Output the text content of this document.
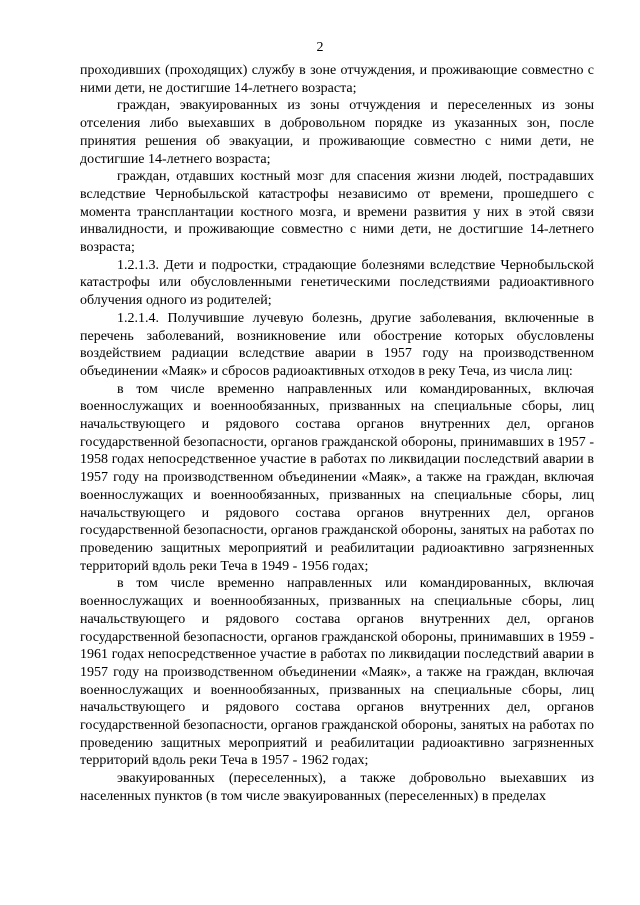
2

проходивших (проходящих) службу в зоне отчуждения, и проживающие совместно с ними дети, не достигшие 14-летнего возраста;

граждан, эвакуированных из зоны отчуждения и переселенных из зоны отселения либо выехавших в добровольном порядке из указанных зон, после принятия решения об эвакуации, и проживающие совместно с ними дети, не достигшие 14-летнего возраста;

граждан, отдавших костный мозг для спасения жизни людей, пострадавших вследствие Чернобыльской катастрофы независимо от времени, прошедшего с момента трансплантации костного мозга, и времени развития у них в этой связи инвалидности, и проживающие совместно с ними дети, не достигшие 14-летнего возраста;

1.2.1.3. Дети и подростки, страдающие болезнями вследствие Чернобыльской катастрофы или обусловленными генетическими последствиями радиоактивного облучения одного из родителей;

1.2.1.4. Получившие лучевую болезнь, другие заболевания, включенные в перечень заболеваний, возникновение или обострение которых обусловлены воздействием радиации вследствие аварии в 1957 году на производственном объединении «Маяк» и сбросов радиоактивных отходов в реку Теча, из числа лиц:

в том числе временно направленных или командированных, включая военнослужащих и военнообязанных, призванных на специальные сборы, лиц начальствующего и рядового состава органов внутренних дел, органов государственной безопасности, органов гражданской обороны, принимавших в 1957 - 1958 годах непосредственное участие в работах по ликвидации последствий аварии в 1957 году на производственном объединении «Маяк», а также на граждан, включая военнослужащих и военнообязанных, призванных на специальные сборы, лиц начальствующего и рядового состава органов внутренних дел, органов государственной безопасности, органов гражданской обороны, занятых на работах по проведению защитных мероприятий и реабилитации радиоактивно загрязненных территорий вдоль реки Теча в 1949 - 1956 годах;

в том числе временно направленных или командированных, включая военнослужащих и военнообязанных, призванных на специальные сборы, лиц начальствующего и рядового состава органов внутренних дел, органов государственной безопасности, органов гражданской обороны, принимавших в 1959 - 1961 годах непосредственное участие в работах по ликвидации последствий аварии в 1957 году на производственном объединении «Маяк», а также на граждан, включая военнослужащих и военнообязанных, призванных на специальные сборы, лиц начальствующего и рядового состава органов внутренних дел, органов государственной безопасности, органов гражданской обороны, занятых на работах по проведению защитных мероприятий и реабилитации радиоактивно загрязненных территорий вдоль реки Теча в 1957 - 1962 годах;

эвакуированных (переселенных), а также добровольно выехавших из населенных пунктов (в том числе эвакуированных (переселенных) в пределах
